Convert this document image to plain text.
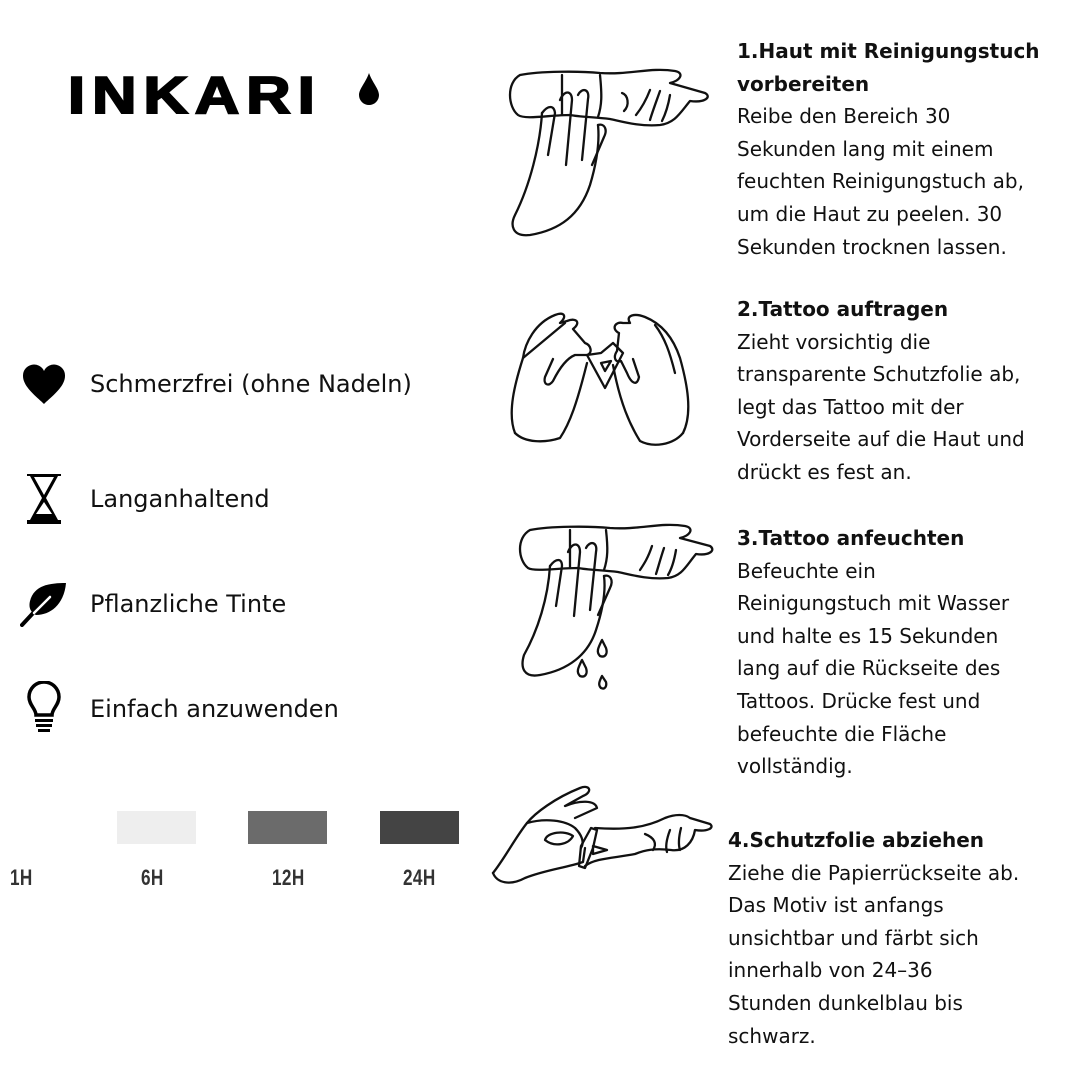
INKARI
Schmerzfrei (ohne Nadeln)
Langanhaltend
Pflanzliche Tinte
Einfach anzuwenden
1H	6H	12H	24H
1.Haut mit Reinigungstuch
vorbereiten
Reibe den Bereich 30
Sekunden lang mit einem
feuchten Reinigungstuch ab,
um die Haut zu peelen. 30
Sekunden trocknen lassen.
2.Tattoo auftragen
Zieht vorsichtig die
transparente Schutzfolie ab,
legt das Tattoo mit der
Vorderseite auf die Haut und
drückt es fest an.
3.Tattoo anfeuchten
Befeuchte ein
Reinigungstuch mit Wasser
und halte es 15 Sekunden
lang auf die Rückseite des
Tattoos. Drücke fest und
befeuchte die Fläche
vollständig.
4.Schutzfolie abziehen
Ziehe die Papierrückseite ab.
Das Motiv ist anfangs
unsichtbar und färbt sich
innerhalb von 24–36
Stunden dunkelblau bis
schwarz.
